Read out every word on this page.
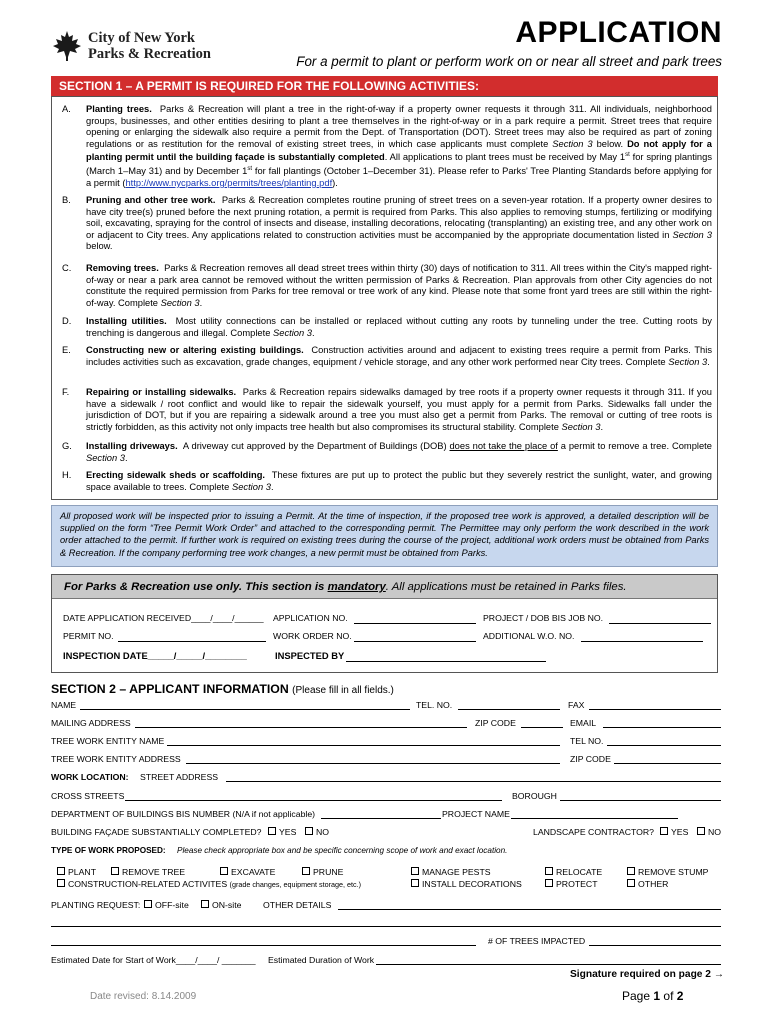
City of New York
Parks & Recreation
APPLICATION
For a permit to plant or perform work on or near all street and park trees
SECTION 1 – A PERMIT IS REQUIRED FOR THE FOLLOWING ACTIVITIES:
A. Planting trees. Parks & Recreation will plant a tree in the right-of-way if a property owner requests it through 311. All individuals, neighborhood groups, businesses, and other entities desiring to plant a tree themselves in the right-of-way or in a park require a permit. Street trees that require opening or enlarging the sidewalk also require a permit from the Dept. of Transportation (DOT). Street trees may also be required as part of zoning regulations or as restitution for the removal of existing street trees, in which case applicants must complete Section 3 below. Do not apply for a planting permit until the building façade is substantially completed. All applications to plant trees must be received by May 1st for spring plantings (March 1–May 31) and by December 1st for fall plantings (October 1–December 31). Please refer to Parks' Tree Planting Standards before applying for a permit (http://www.nycparks.org/permits/trees/planting.pdf).
B. Pruning and other tree work. Parks & Recreation completes routine pruning of street trees on a seven-year rotation. If a property owner desires to have city tree(s) pruned before the next pruning rotation, a permit is required from Parks. This also applies to removing stumps, fertilizing or modifying soil, excavating, spraying for the control of insects and disease, installing decorations, relocating (transplanting) an existing tree, and any other work on or adjacent to City trees. Any applications related to construction activities must be accompanied by the appropriate documentation listed in Section 3 below.
C. Removing trees. Parks & Recreation removes all dead street trees within thirty (30) days of notification to 311. All trees within the City's mapped right-of-way or near a park area cannot be removed without the written permission of Parks & Recreation. Plan approvals from other City agencies do not constitute the required permission from Parks for tree removal or tree work of any kind. Please note that some front yard trees are still within the right-of-way. Complete Section 3.
D. Installing utilities. Most utility connections can be installed or replaced without cutting any roots by tunneling under the tree. Cutting roots by trenching is dangerous and illegal. Complete Section 3.
E. Constructing new or altering existing buildings. Construction activities around and adjacent to existing trees require a permit from Parks. This includes activities such as excavation, grade changes, equipment / vehicle storage, and any other work performed near City trees. Complete Section 3.
F. Repairing or installing sidewalks. Parks & Recreation repairs sidewalks damaged by tree roots if a property owner requests it through 311. If you have a sidewalk / root conflict and would like to repair the sidewalk yourself, you must apply for a permit from Parks. Sidewalks fall under the jurisdiction of DOT, but if you are repairing a sidewalk around a tree you must also get a permit from Parks. The removal or cutting of tree roots is strictly forbidden, as this activity not only impacts tree health but also compromises its structural stability. Complete Section 3.
G. Installing driveways. A driveway cut approved by the Department of Buildings (DOB) does not take the place of a permit to remove a tree. Complete Section 3.
H. Erecting sidewalk sheds or scaffolding. These fixtures are put up to protect the public but they severely restrict the sunlight, water, and growing space available to trees. Complete Section 3.
All proposed work will be inspected prior to issuing a Permit. At the time of inspection, if the proposed tree work is approved, a detailed description will be supplied on the form “Tree Permit Work Order” and attached to the corresponding permit. The Permittee may only perform the work described in the work order attached to the permit. If further work is required on existing trees during the course of the project, additional work orders must be obtained from Parks & Recreation. If the company performing tree work changes, a new permit must be obtained from Parks.
For Parks & Recreation use only. This section is mandatory. All applications must be retained in Parks files.
DATE APPLICATION RECEIVED____/____/______ APPLICATION NO.	PROJECT / DOB BIS JOB NO.
PERMIT NO.	WORK ORDER NO.	ADDITIONAL W.O. NO.
INSPECTION DATE_____/_____/________	INSPECTED BY
SECTION 2 – APPLICANT INFORMATION (Please fill in all fields.)
NAME	TEL. NO.	FAX
MAILING ADDRESS	ZIP CODE	EMAIL
TREE WORK ENTITY NAME	TEL NO.
TREE WORK ENTITY ADDRESS	ZIP CODE
WORK LOCATION: STREET ADDRESS
CROSS STREETS	BOROUGH
DEPARTMENT OF BUILDINGS BIS NUMBER (N/A if not applicable)	PROJECT NAME
BUILDING FAÇADE SUBSTANTIALLY COMPLETED?	YES	NO	LANDSCAPE CONTRACTOR?	YES	NO
TYPE OF WORK PROPOSED: Please check appropriate box and be specific concerning scope of work and exact location.
PLANT	REMOVE TREE	EXCAVATE	PRUNE	MANAGE PESTS	RELOCATE	REMOVE STUMP
CONSTRUCTION-RELATED ACTIVITES (grade changes, equipment storage, etc.)	INSTALL DECORATIONS	PROTECT	OTHER
PLANTING REQUEST:	OFF-site	ON-site OTHER DETAILS
# OF TREES IMPACTED
Estimated Date for Start of Work____/____/ _______ Estimated Duration of Work
Signature required on page 2 →
Date revised: 8.14.2009	Page 1 of 2
